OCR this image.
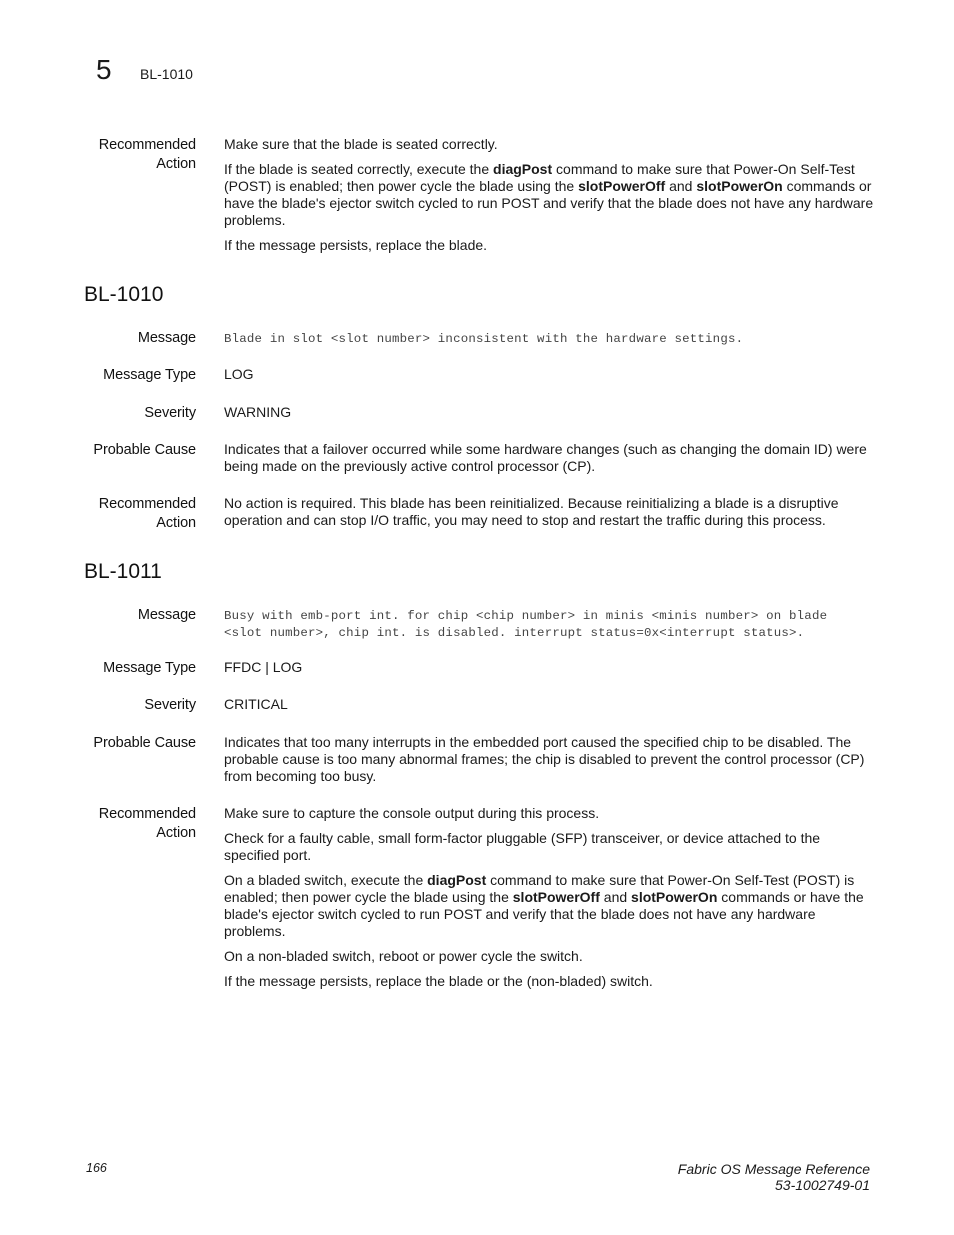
5 BL-1010
Recommended
Action

Make sure that the blade is seated correctly.

If the blade is seated correctly, execute the diagPost command to make sure that Power-On Self-Test (POST) is enabled; then power cycle the blade using the slotPowerOff and slotPowerOn commands or have the blade's ejector switch cycled to run POST and verify that the blade does not have any hardware problems.

If the message persists, replace the blade.

BL-1010
Message Blade in slot <slot number> inconsistent with the hardware settings.
Message Type LOG
Severity WARNING
Probable Cause Indicates that a failover occurred while some hardware changes (such as changing the domain ID) were being made on the previously active control processor (CP).
Recommended
Action
No action is required. This blade has been reinitialized. Because reinitializing a blade is a disruptive operation and can stop I/O traffic, you may need to stop and restart the traffic during this process.
BL-1011
Message Busy with emb-port int. for chip <chip number> in minis <minis number> on blade
<slot number>, chip int. is disabled. interrupt status=0x<interrupt status>.
Message Type FFDC | LOG
Severity CRITICAL
Probable Cause Indicates that too many interrupts in the embedded port caused the specified chip to be disabled. The probable cause is too many abnormal frames; the chip is disabled to prevent the control processor (CP) from becoming too busy.
Recommended
Action

Make sure to capture the console output during this process.

Check for a faulty cable, small form-factor pluggable (SFP) transceiver, or device attached to the specified port.

On a bladed switch, execute the diagPost command to make sure that Power-On Self-Test (POST) is enabled; then power cycle the blade using the slotPowerOff and slotPowerOn commands or have the blade's ejector switch cycled to run POST and verify that the blade does not have any hardware problems.

On a non-bladed switch, reboot or power cycle the switch.

If the message persists, replace the blade or the (non-bladed) switch.

166	Fabric OS Message Reference
53-1002749-01
